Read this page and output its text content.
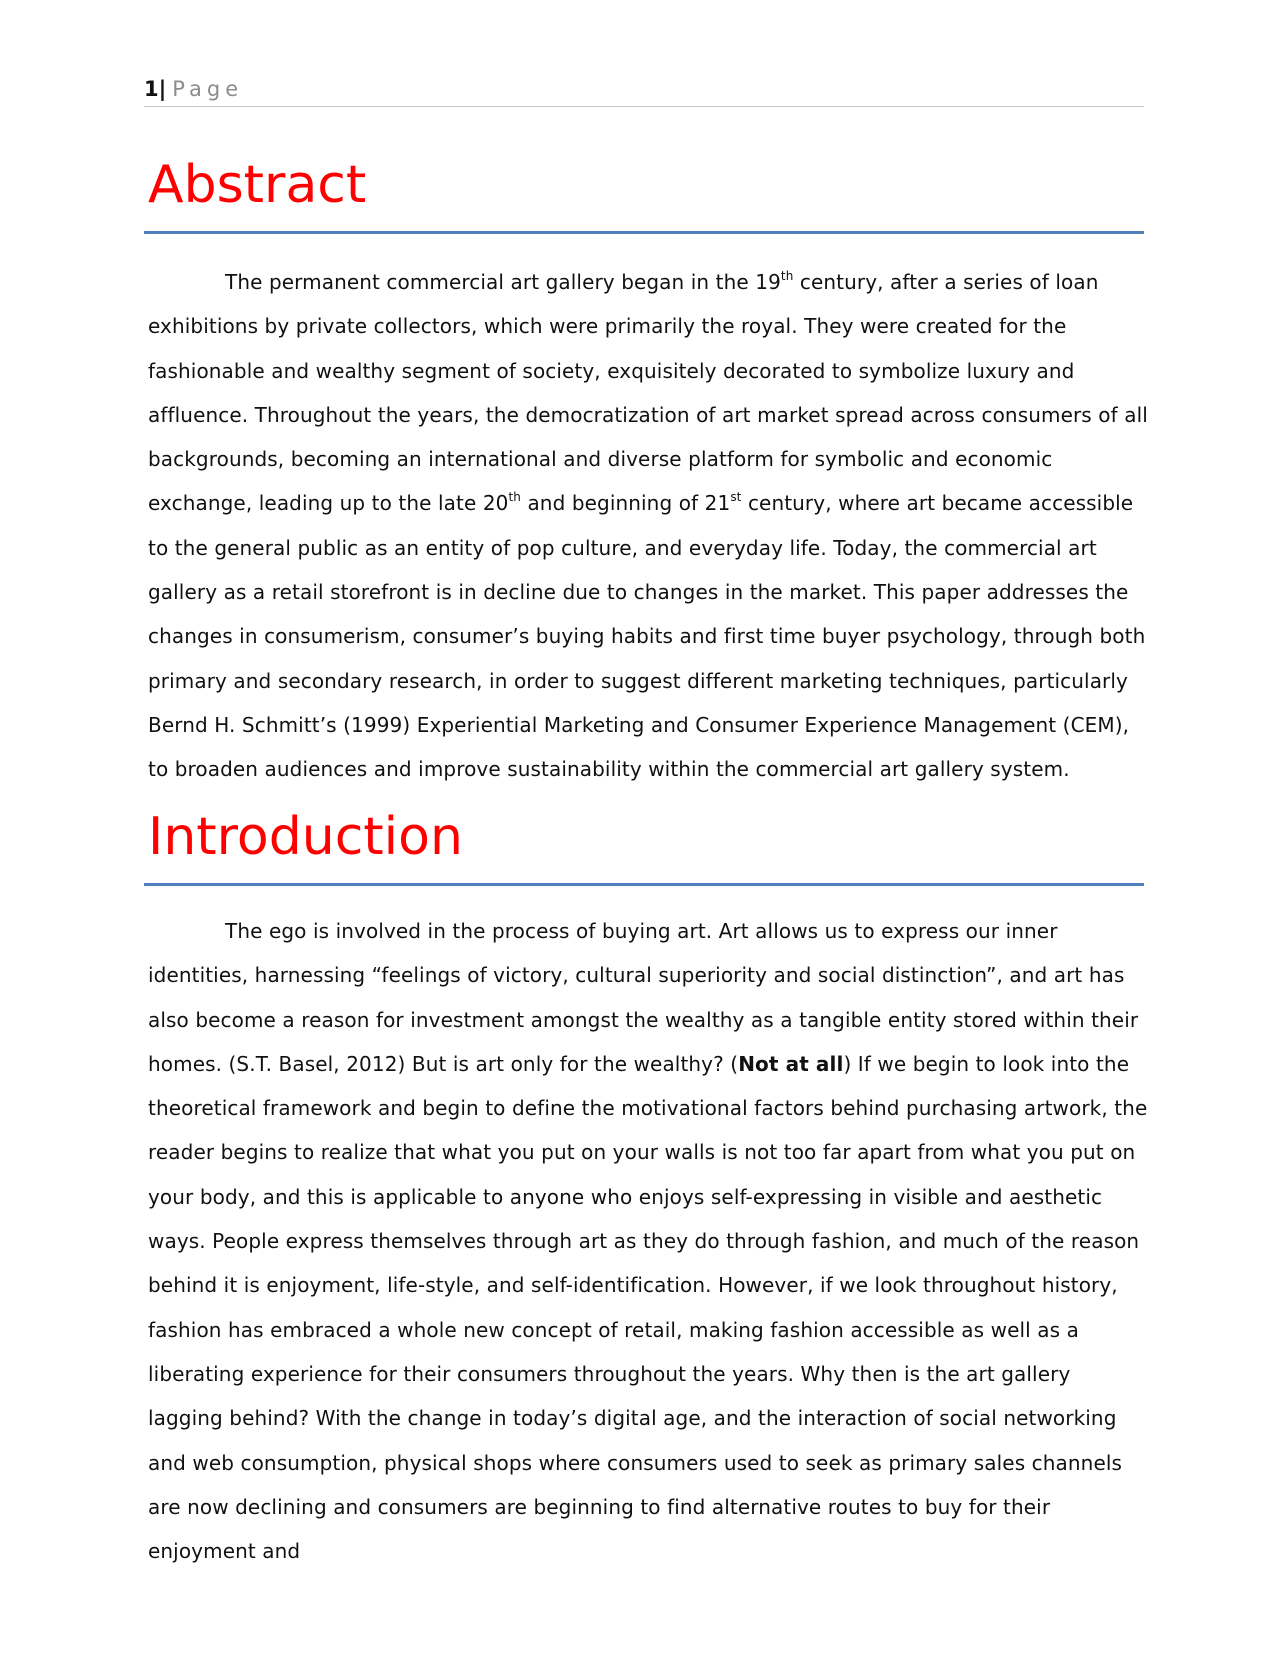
1| Page
Abstract

The permanent commercial art gallery began in the 19th century, after a series of loan exhibitions by private collectors, which were primarily the royal. They were created for the fashionable and wealthy segment of society, exquisitely decorated to symbolize luxury and affluence. Throughout the years, the democratization of art market spread across consumers of all backgrounds, becoming an international and diverse platform for symbolic and economic exchange, leading up to the late 20th and beginning of 21st century, where art became accessible to the general public as an entity of pop culture, and everyday life. Today, the commercial art gallery as a retail storefront is in decline due to changes in the market. This paper addresses the changes in consumerism, consumer’s buying habits and first time buyer psychology, through both primary and secondary research, in order to suggest different marketing techniques, particularly Bernd H. Schmitt’s (1999) Experiential Marketing and Consumer Experience Management (CEM), to broaden audiences and improve sustainability within the commercial art gallery system.

Introduction

The ego is involved in the process of buying art. Art allows us to express our inner identities, harnessing “feelings of victory, cultural superiority and social distinction”, and art has also become a reason for investment amongst the wealthy as a tangible entity stored within their homes. (S.T. Basel, 2012) But is art only for the wealthy? (Not at all) If we begin to look into the theoretical framework and begin to define the motivational factors behind purchasing artwork, the reader begins to realize that what you put on your walls is not too far apart from what you put on your body, and this is applicable to anyone who enjoys self-expressing in visible and aesthetic ways. People express themselves through art as they do through fashion, and much of the reason behind it is enjoyment, life-style, and self-identification. However, if we look throughout history, fashion has embraced a whole new concept of retail, making fashion accessible as well as a liberating experience for their consumers throughout the years. Why then is the art gallery lagging behind? With the change in today’s digital age, and the interaction of social networking and web consumption, physical shops where consumers used to seek as primary sales channels are now declining and consumers are beginning to find alternative routes to buy for their enjoyment and
